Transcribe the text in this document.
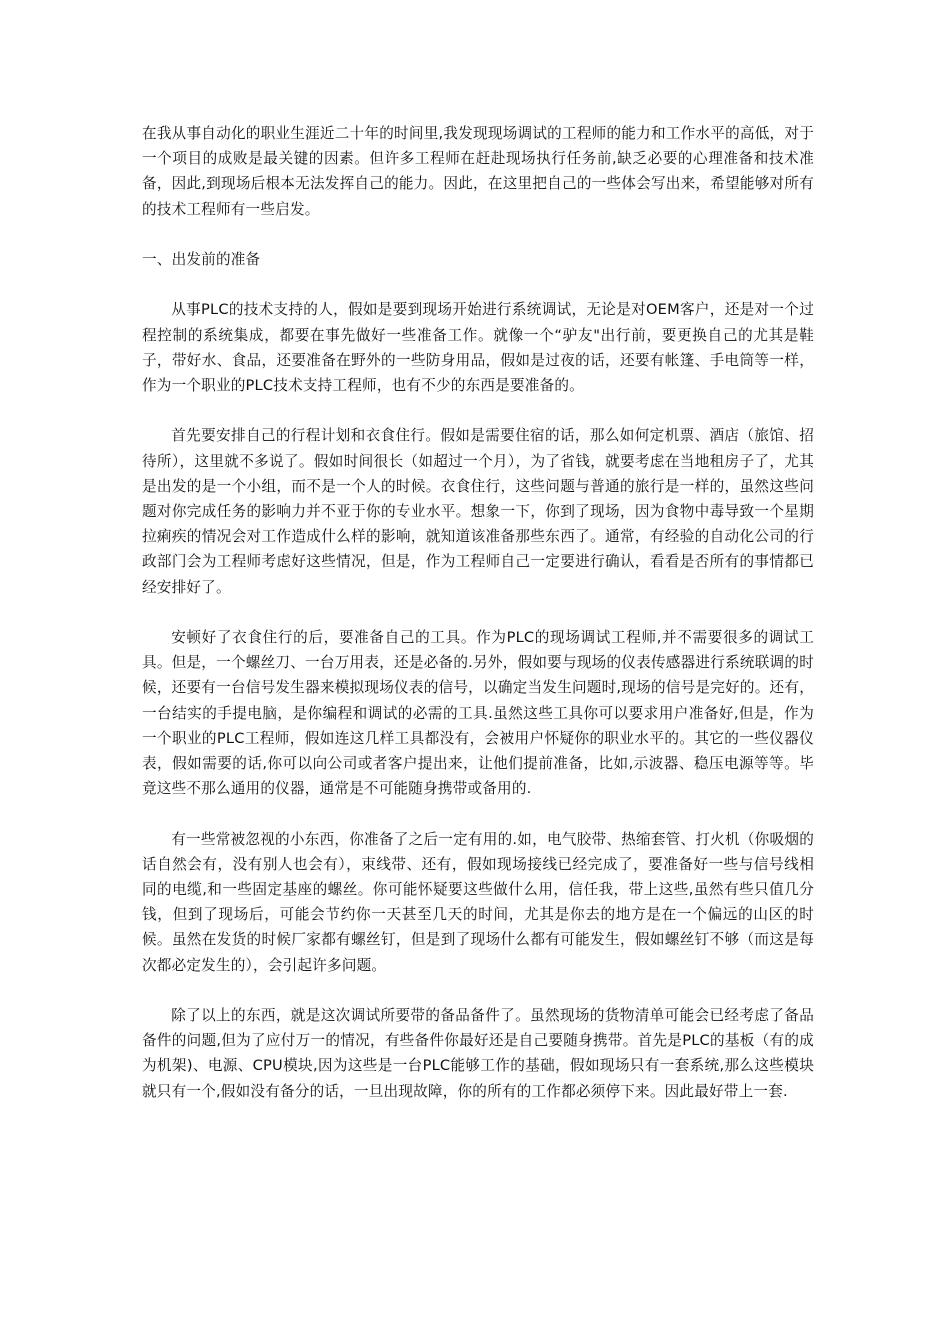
在我从事自动化的职业生涯近二十年的时间里,我发现现场调试的工程师的能力和工作水平的高低，对于一个项目的成败是最关键的因素。但许多工程师在赶赴现场执行任务前,缺乏必要的心理准备和技术准备，因此,到现场后根本无法发挥自己的能力。因此，在这里把自己的一些体会写出来，希望能够对所有的技术工程师有一些启发。

一、出发前的准备

从事PLC的技术支持的人，假如是要到现场开始进行系统调试，无论是对OEM客户，还是对一个过程控制的系统集成，都要在事先做好一些准备工作。就像一个“驴友"出行前，要更换自己的尤其是鞋子，带好水、食品，还要准备在野外的一些防身用品，假如是过夜的话，还要有帐篷、手电筒等一样，作为一个职业的PLC技术支持工程师，也有不少的东西是要准备的。

首先要安排自己的行程计划和衣食住行。假如是需要住宿的话，那么如何定机票、酒店（旅馆、招待所），这里就不多说了。假如时间很长（如超过一个月），为了省钱，就要考虑在当地租房子了，尤其是出发的是一个小组，而不是一个人的时候。衣食住行，这些问题与普通的旅行是一样的，虽然这些问题对你完成任务的影响力并不亚于你的专业水平。想象一下，你到了现场，因为食物中毒导致一个星期拉痢疾的情况会对工作造成什么样的影响，就知道该准备那些东西了。通常，有经验的自动化公司的行政部门会为工程师考虑好这些情况，但是，作为工程师自己一定要进行确认，看看是否所有的事情都已经安排好了。

安顿好了衣食住行的后，要准备自己的工具。作为PLC的现场调试工程师,并不需要很多的调试工具。但是，一个螺丝刀、一台万用表，还是必备的.另外，假如要与现场的仪表传感器进行系统联调的时候，还要有一台信号发生器来模拟现场仪表的信号，以确定当发生问题时,现场的信号是完好的。还有，一台结实的手提电脑，是你编程和调试的必需的工具.虽然这些工具你可以要求用户准备好,但是，作为一个职业的PLC工程师，假如连这几样工具都没有，会被用户怀疑你的职业水平的。其它的一些仪器仪表，假如需要的话,你可以向公司或者客户提出来，让他们提前准备，比如,示波器、稳压电源等等。毕竟这些不那么通用的仪器，通常是不可能随身携带或备用的.

有一些常被忽视的小东西，你准备了之后一定有用的.如，电气胶带、热缩套管、打火机（你吸烟的话自然会有，没有别人也会有），束线带、还有，假如现场接线已经完成了，要准备好一些与信号线相同的电缆,和一些固定基座的螺丝。你可能怀疑要这些做什么用，信任我，带上这些,虽然有些只值几分钱，但到了现场后，可能会节约你一天甚至几天的时间，尤其是你去的地方是在一个偏远的山区的时候。虽然在发货的时候厂家都有螺丝钉，但是到了现场什么都有可能发生，假如螺丝钉不够（而这是每次都必定发生的），会引起许多问题。

除了以上的东西，就是这次调试所要带的备品备件了。虽然现场的货物清单可能会已经考虑了备品备件的问题,但为了应付万一的情况，有些备件你最好还是自己要随身携带。首先是PLC的基板（有的成为机架)、电源、CPU模块,因为这些是一台PLC能够工作的基础，假如现场只有一套系统,那么这些模块就只有一个,假如没有备分的话，一旦出现故障，你的所有的工作都必须停下来。因此最好带上一套.
